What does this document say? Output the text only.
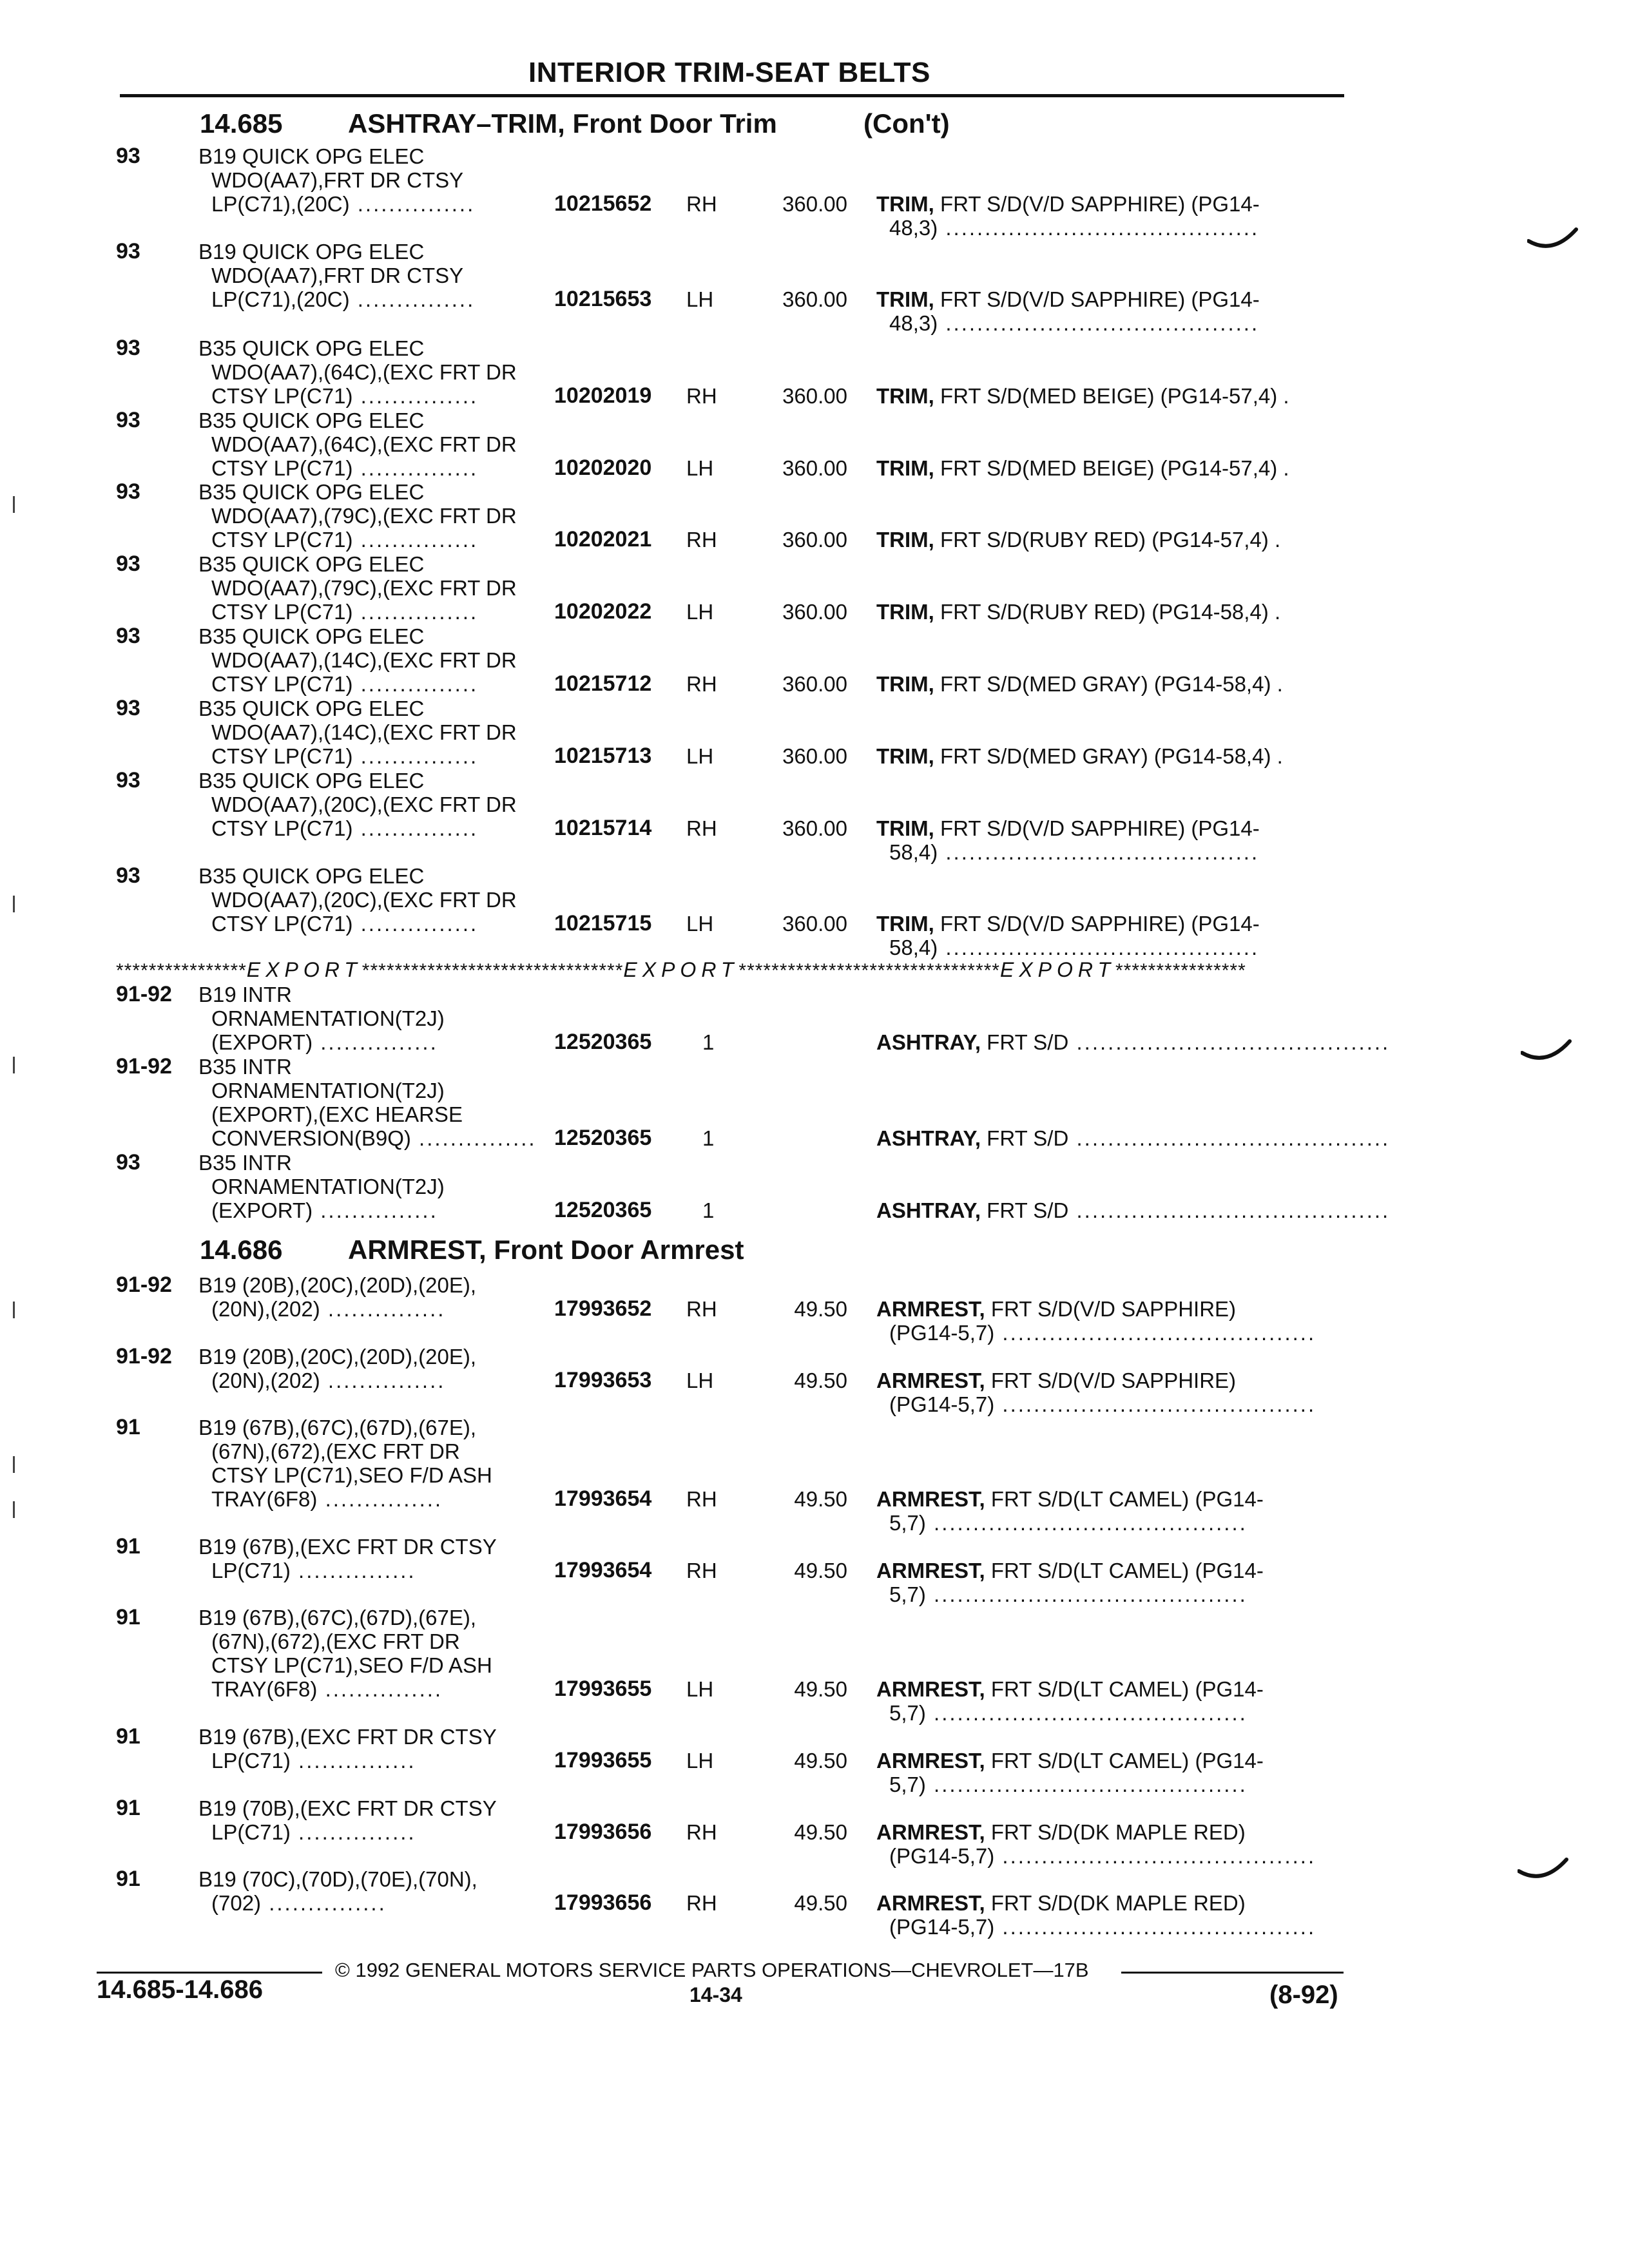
INTERIOR TRIM-SEAT BELTS
14.685 ASHTRAY–TRIM, Front Door Trim	(Con't)
93	B19 QUICK OPG ELEC
WDO(AA7),FRT DR CTSY
LP(C71),(20C) .....	10215652 RH	360.00 TRIM, FRT S/D(V/D SAPPHIRE) (PG14-
48,3) .....
93	B19 QUICK OPG ELEC
WDO(AA7),FRT DR CTSY
LP(C71),(20C) .....	10215653 LH	360.00 TRIM, FRT S/D(V/D SAPPHIRE) (PG14-
48,3) .....
93	B35 QUICK OPG ELEC
WDO(AA7),(64C),(EXC FRT DR
CTSY LP(C71) .....	10202019 RH	360.00 TRIM, FRT S/D(MED BEIGE) (PG14-57,4) .
93	B35 QUICK OPG ELEC
WDO(AA7),(64C),(EXC FRT DR
CTSY LP(C71) .....	10202020 LH	360.00 TRIM, FRT S/D(MED BEIGE) (PG14-57,4) .
93	B35 QUICK OPG ELEC
WDO(AA7),(79C),(EXC FRT DR
CTSY LP(C71) .....	10202021 RH	360.00 TRIM, FRT S/D(RUBY RED) (PG14-57,4) .
93	B35 QUICK OPG ELEC
WDO(AA7),(79C),(EXC FRT DR
CTSY LP(C71) .....	10202022 LH	360.00 TRIM, FRT S/D(RUBY RED) (PG14-58,4) .
93	B35 QUICK OPG ELEC
WDO(AA7),(14C),(EXC FRT DR
CTSY LP(C71) .....	10215712 RH	360.00 TRIM, FRT S/D(MED GRAY) (PG14-58,4) .
93	B35 QUICK OPG ELEC
WDO(AA7),(14C),(EXC FRT DR
CTSY LP(C71) .....	10215713 LH	360.00 TRIM, FRT S/D(MED GRAY) (PG14-58,4) .
93	B35 QUICK OPG ELEC
WDO(AA7),(20C),(EXC FRT DR
CTSY LP(C71) .....	10215714 RH	360.00 TRIM, FRT S/D(V/D SAPPHIRE) (PG14-
58,4) .....
93	B35 QUICK OPG ELEC
WDO(AA7),(20C),(EXC FRT DR
CTSY LP(C71) .....	10215715 LH	360.00 TRIM, FRT S/D(V/D SAPPHIRE) (PG14-
58,4) .....
****************EXPORT********************************EXPORT********************************EXPORT****************
91-92 B19 INTR
ORNAMENTATION(T2J)
(EXPORT) .....	12520365 1	ASHTRAY, FRT S/D .....
91-92 B35 INTR
ORNAMENTATION(T2J)
(EXPORT),(EXC HEARSE
CONVERSION(B9Q) .....	12520365 1	ASHTRAY, FRT S/D .....
93	B35 INTR
ORNAMENTATION(T2J)
(EXPORT) .....	12520365 1	ASHTRAY, FRT S/D .....
14.686 ARMREST, Front Door Armrest
91-92 B19 (20B),(20C),(20D),(20E),
(20N),(202) .....	17993652 RH	49.50 ARMREST, FRT S/D(V/D SAPPHIRE)
(PG14-5,7) .....
91-92 B19 (20B),(20C),(20D),(20E),
(20N),(202) .....	17993653 LH	49.50 ARMREST, FRT S/D(V/D SAPPHIRE)
(PG14-5,7) .....
91	B19 (67B),(67C),(67D),(67E),
(67N),(672),(EXC FRT DR
CTSY LP(C71),SEO F/D ASH
TRAY(6F8) .....	17993654 RH	49.50 ARMREST, FRT S/D(LT CAMEL) (PG14-
5,7) .....
91	B19 (67B),(EXC FRT DR CTSY
LP(C71) .....	17993654 RH	49.50 ARMREST, FRT S/D(LT CAMEL) (PG14-
5,7) .....
91	B19 (67B),(67C),(67D),(67E),
(67N),(672),(EXC FRT DR
CTSY LP(C71),SEO F/D ASH
TRAY(6F8) .....	17993655 LH	49.50 ARMREST, FRT S/D(LT CAMEL) (PG14-
5,7) .....
91	B19 (67B),(EXC FRT DR CTSY
LP(C71) .....	17993655 LH	49.50 ARMREST, FRT S/D(LT CAMEL) (PG14-
5,7) .....
91	B19 (70B),(EXC FRT DR CTSY
LP(C71) .....	17993656 RH	49.50 ARMREST, FRT S/D(DK MAPLE RED)
(PG14-5,7) .....
91	B19 (70C),(70D),(70E),(70N),
(702) .....	17993656 RH	49.50 ARMREST, FRT S/D(DK MAPLE RED)
(PG14-5,7) .....
© 1992 GENERAL MOTORS SERVICE PARTS OPERATIONS—CHEVROLET—17B
14.685-14.686	14-34	(8-92)
